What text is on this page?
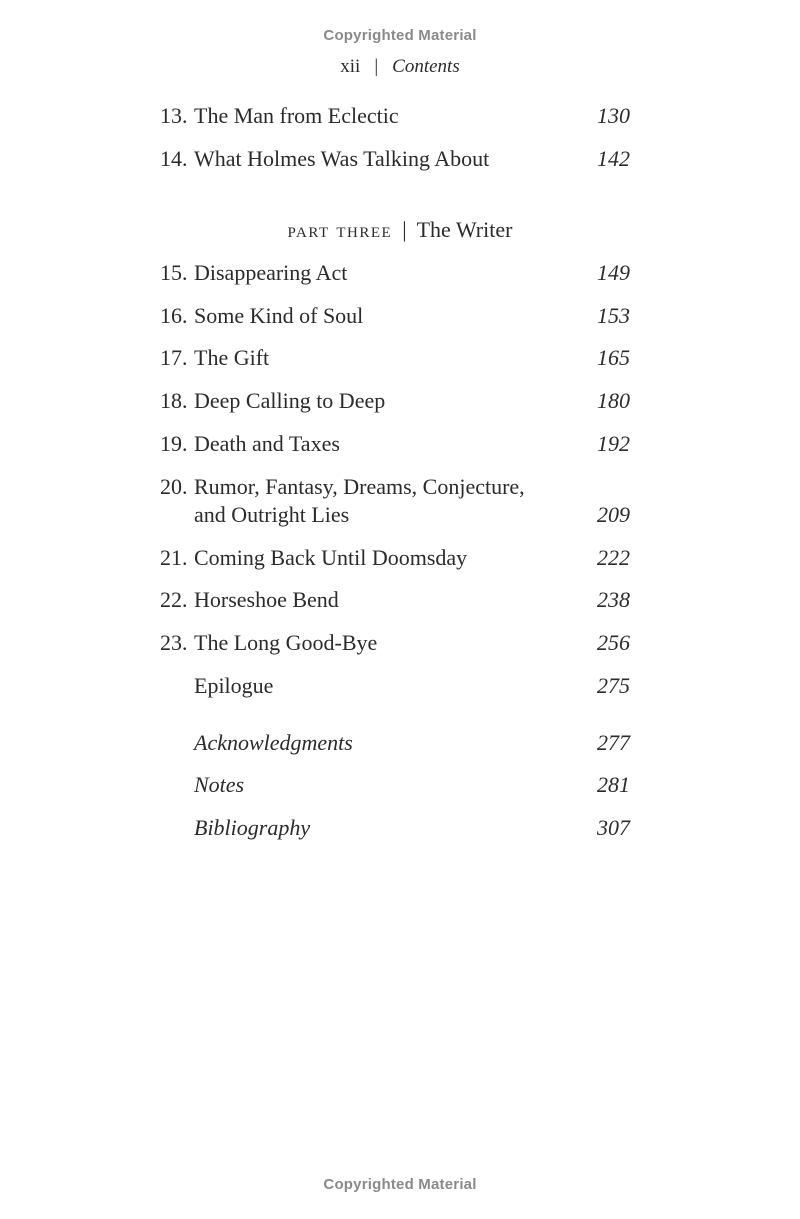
Copyrighted Material
xii | Contents
13. The Man from Eclectic	130
14. What Holmes Was Talking About	142
15. Disappearing Act	149
16. Some Kind of Soul	153
17. The Gift	165
18. Deep Calling to Deep	180
19. Death and Taxes	192
20. Rumor, Fantasy, Dreams, Conjecture,
and Outright Lies	209
21. Coming Back Until Doomsday	222
22. Horseshoe Bend	238
23. The Long Good-Bye	256
Epilogue	275
Acknowledgments	277
Notes	281
Bibliography	307
part three | The Writer
Copyrighted Material
